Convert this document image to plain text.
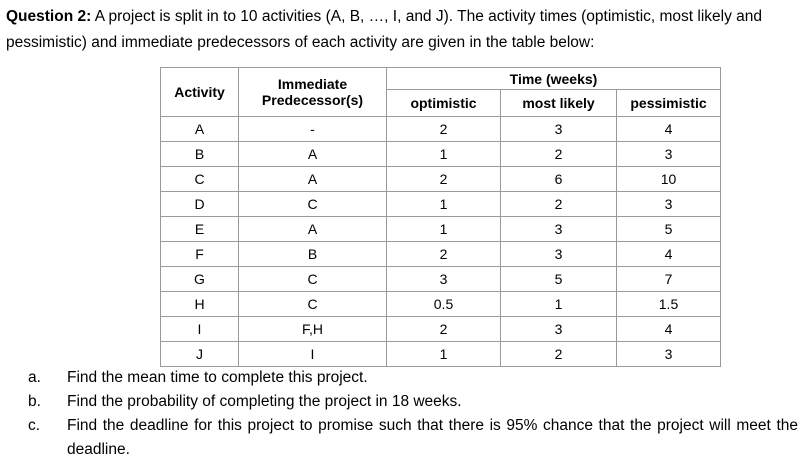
Question 2: A project is split in to 10 activities (A, B, …, I, and J). The activity times (optimistic, most likely and pessimistic) and immediate predecessors of each activity are given in the table below:

Activity	Immediate Predecessor(s)	Time (weeks)		
		optimistic	most likely	pessimistic
A	-	2	3	4
B	A	1	2	3
C	A	2	6	10
D	C	1	2	3
E	A	1	3	5
F	B	2	3	4
G	C	3	5	7
H	C	0.5	1	1.5
I	F,H	2	3	4
J	I	1	2	3
a. Find the mean time to complete this project.
b. Find the probability of completing the project in 18 weeks.
c. Find the deadline for this project to promise such that there is 95% chance that the project will meet the deadline.
